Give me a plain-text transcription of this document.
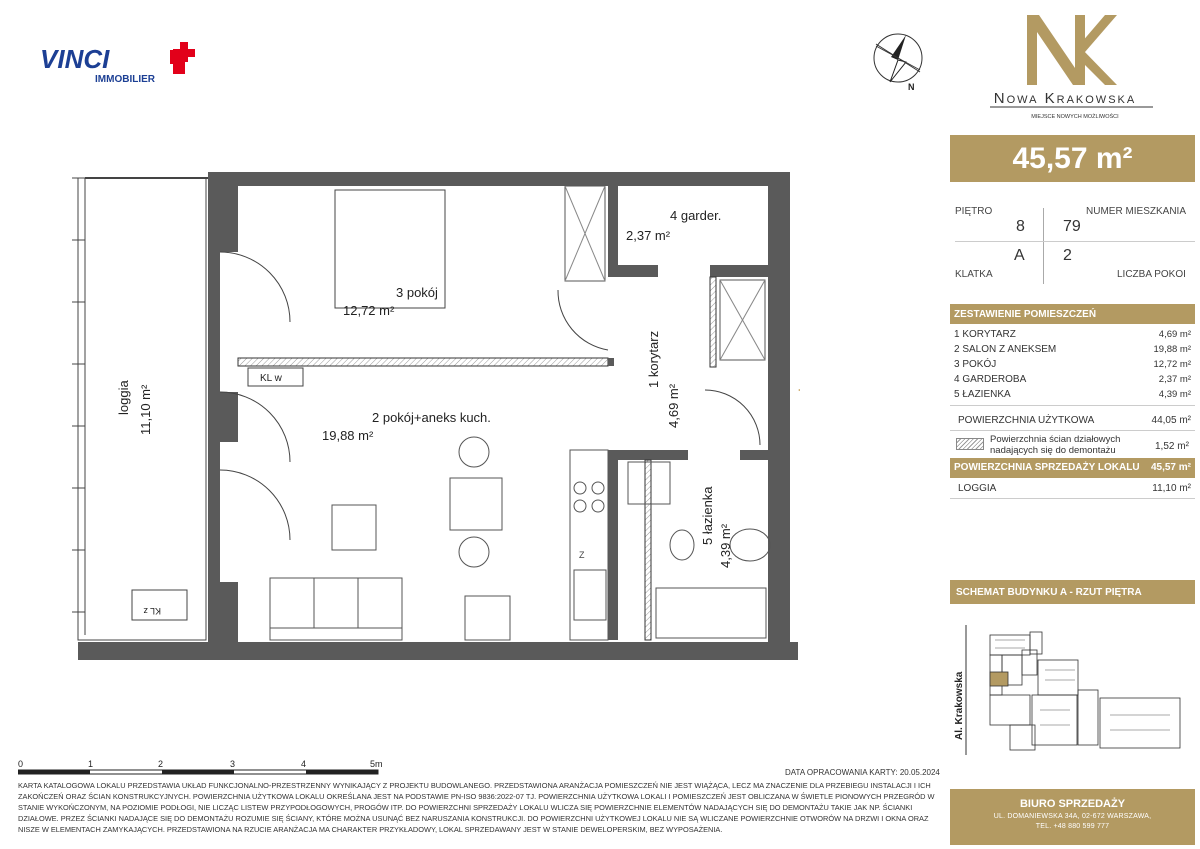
VINCI
IMMOBILIER
N
Nowa Krakowska
MIEJSCE NOWYCH MOŻLIWOŚCI
45,57 m²
PIĘTRO	NUMER MIESZKANIA
8 79
A 2
KLATKA	LICZBA POKOI
ZESTAWIENIE POMIESZCZEŃ
1 KORYTARZ	4,69 m²
2 SALON Z ANEKSEM	19,88 m²
3 POKÓJ	12,72 m²
4 GARDEROBA	2,37 m²
5 ŁAZIENKA	4,39 m²
POWIERZCHNIA UŻYTKOWA	44,05 m²
Powierzchnia ścian działowych
nadających się do demontażu	1,52 m²
POWIERZCHNIA SPRZEDAŻY LOKALU 45,57 m²
LOGGIA	11,10 m²
SCHEMAT BUDYNKU A - RZUT PIĘTRA
Al. Krakowska
loggia 11,10 m²
KL z
3 pokój
12,72 m²
4 garder.
2,37 m²
KL w
2 pokój+aneks kuch.
19,88 m²
Z
1 korytarz
4,69 m²
5 łazienka
4,39 m²
0	1	2	3	4	5m
DATA OPRACOWANIA KARTY: 20.05.2024
KARTA KATALOGOWA LOKALU PRZEDSTAWIA UKŁAD FUNKCJONALNO-PRZESTRZENNY WYNIKAJĄCY Z PROJEKTU BUDOWLANEGO. PRZEDSTAWIONA ARANŻACJA POMIESZCZEŃ NIE JEST WIĄŻĄCA, LECZ MA ZNACZENIE DLA PRZEBIEGU INSTALACJI I ICH ZAKOŃCZEŃ ORAZ ŚCIAN KONSTRUKCYJNYCH. POWIERZCHNIA UŻYTKOWA LOKALU OKREŚLANA JEST NA PODSTAWIE PN-ISO 9836:2022-07 TJ. POWIERZCHNIA UŻYTKOWA LOKALI I POMIESZCZEŃ JEST OBLICZANA W ŚWIETLE PIONOWYCH PRZEGRÓD W STANIE WYKOŃCZONYM, NA POZIOMIE PODŁOGI, NIE LICZĄC LISTEW PRZYPODŁOGOWYCH, PROGÓW ITP. DO POWIERZCHNI SPRZEDAŻY LOKALU WLICZA SIĘ POWIERZCHNIE ELEMENTÓW NADAJĄCYCH SIĘ DO DEMONTAŻU TAKIE JAK NP. ŚCIANKI DZIAŁOWE. PRZEZ ŚCIANKI NADAJĄCE SIĘ DO DEMONTAŻU ROZUMIE SIĘ ŚCIANY, KTÓRE MOŻNA USUNĄĆ BEZ NARUSZANIA KONSTRUKCJI. DO POWIERZCHNI UŻYTKOWEJ LOKALU NIE SĄ WLICZANE POWIERZCHNIE OTWORÓW NA DRZWI I OKNA ORAZ NISZE W ELEMENTACH ZAMYKAJĄCYCH. PRZEDSTAWIONA NA RZUCIE ARANŻACJA MA CHARAKTER PRZYKŁADOWY, LOKAL SPRZEDAWANY JEST W STANIE DEWELOPERSKIM, BEZ WYPOSAŻENIA.
BIURO SPRZEDAŻY
UL. DOMANIEWSKA 34A, 02-672 WARSZAWA,
TEL. +48 880 599 777
